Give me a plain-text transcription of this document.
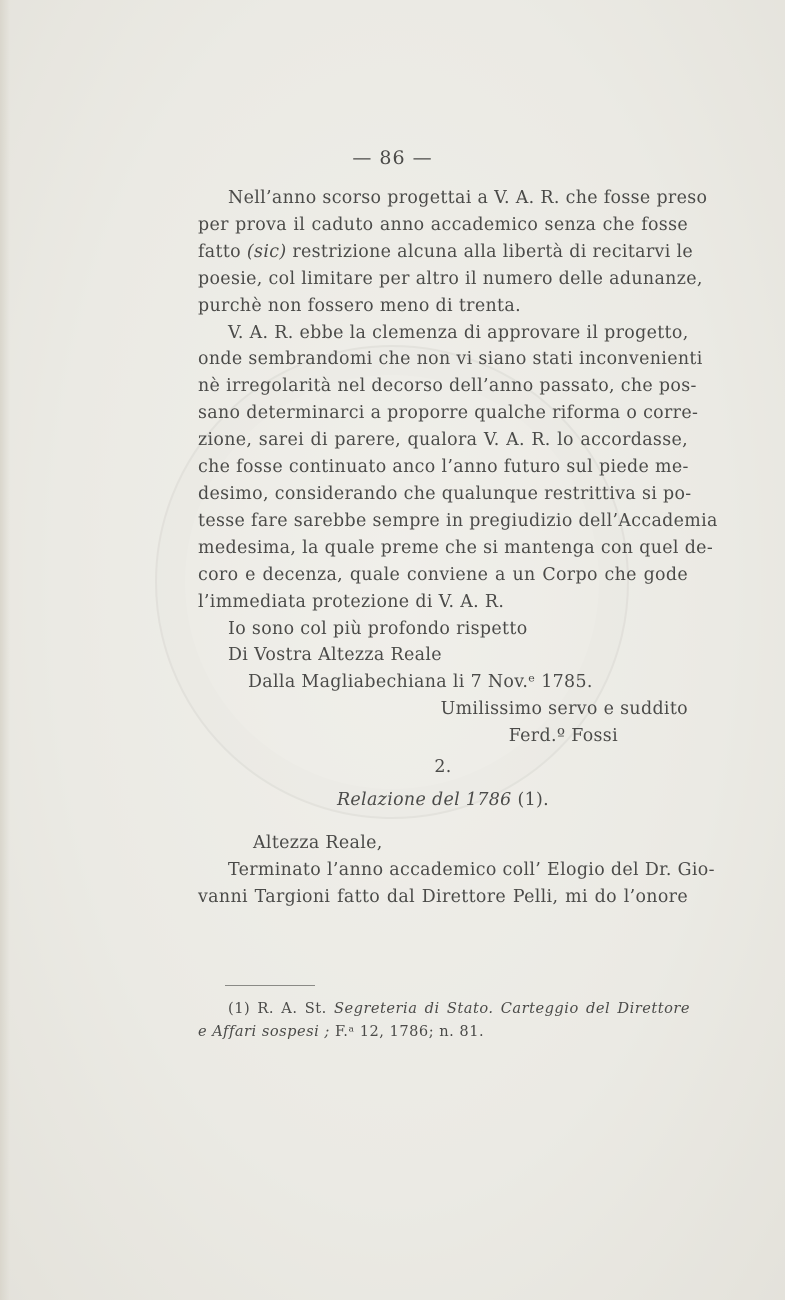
— 86 —
Nell’anno scorso progettai a V. A. R. che fosse preso
per prova il caduto anno accademico senza che fosse
fatto (sic) restrizione alcuna alla libertà di recitarvi le
poesie, col limitare per altro il numero delle adunanze,
purchè non fossero meno di trenta.
V. A. R. ebbe la clemenza di approvare il progetto,
onde sembrandomi che non vi siano stati inconvenienti
nè irregolarità nel decorso dell’anno passato, che pos-
sano determinarci a proporre qualche riforma o corre-
zione, sarei di parere, qualora V. A. R. lo accordasse,
che fosse continuato anco l’anno futuro sul piede me-
desimo, considerando che qualunque restrittiva si po-
tesse fare sarebbe sempre in pregiudizio dell’Accademia
medesima, la quale preme che si mantenga con quel de-
coro e decenza, quale conviene a un Corpo che gode
l’immediata protezione di V. A. R.
Io sono col più profondo rispetto
Di Vostra Altezza Reale
Dalla Magliabechiana li 7 Nov.ᵉ 1785.
Umilissimo servo e suddito
Ferd.º Fossi
2.
Relazione del 1786 (1).
Altezza Reale,
Terminato l’anno accademico coll’ Elogio del Dr. Gio-
vanni Targioni fatto dal Direttore Pelli, mi do l’onore
(1) R. A. St. Segreteria di Stato. Carteggio del Direttore
e Affari sospesi ; F.ᵃ 12, 1786; n. 81.
